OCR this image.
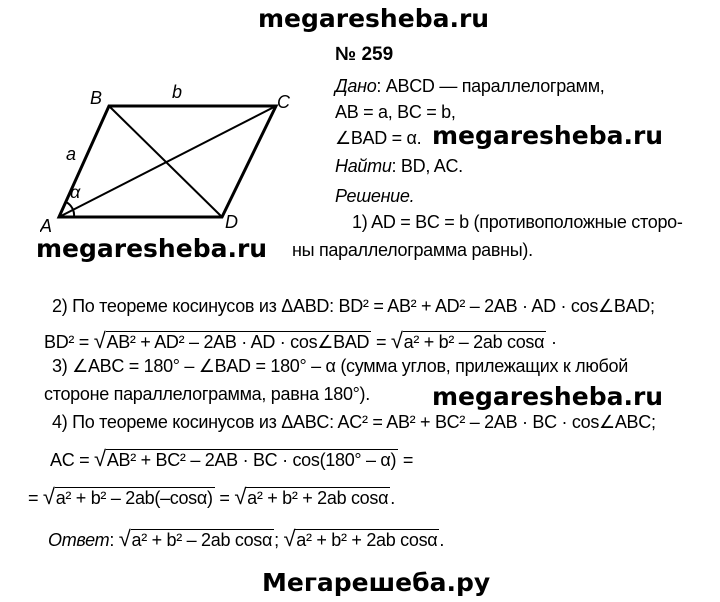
megaresheba.ru
A
B	C
D
a
b
α
№ 259
Дано: ABCD — параллелограмм,
AB = a, BC = b,
∠BAD = α. megaresheba.ru
Найти: BD, AC.
Решение.
1) AD = BC = b (противоположные сторо-
megaresheba.ru ны параллелограмма равны).
2) По теореме косинусов из ΔABD: BD² = AB² + AD² – 2AB · AD · cos∠BAD;
BD² = √AB² + AD² – 2AB · AD · cos∠BAD = √a² + b² – 2ab cosα ·
3) ∠ABC = 180° – ∠BAD = 180° – α (сумма углов, прилежащих к любой
стороне параллелограмма, равна 180°). megaresheba.ru
4) По теореме косинусов из ΔABC: AC² = AB² + BC² – 2AB · BC · cos∠ABC;
AC = √AB² + BC² – 2AB · BC · cos(180° – α) =
= √a² + b² – 2ab(–cosα) = √a² + b² + 2ab cosα .
Ответ: √a² + b² – 2ab cosα ; √a² + b² + 2ab cosα .
Мегарешеба.ру
